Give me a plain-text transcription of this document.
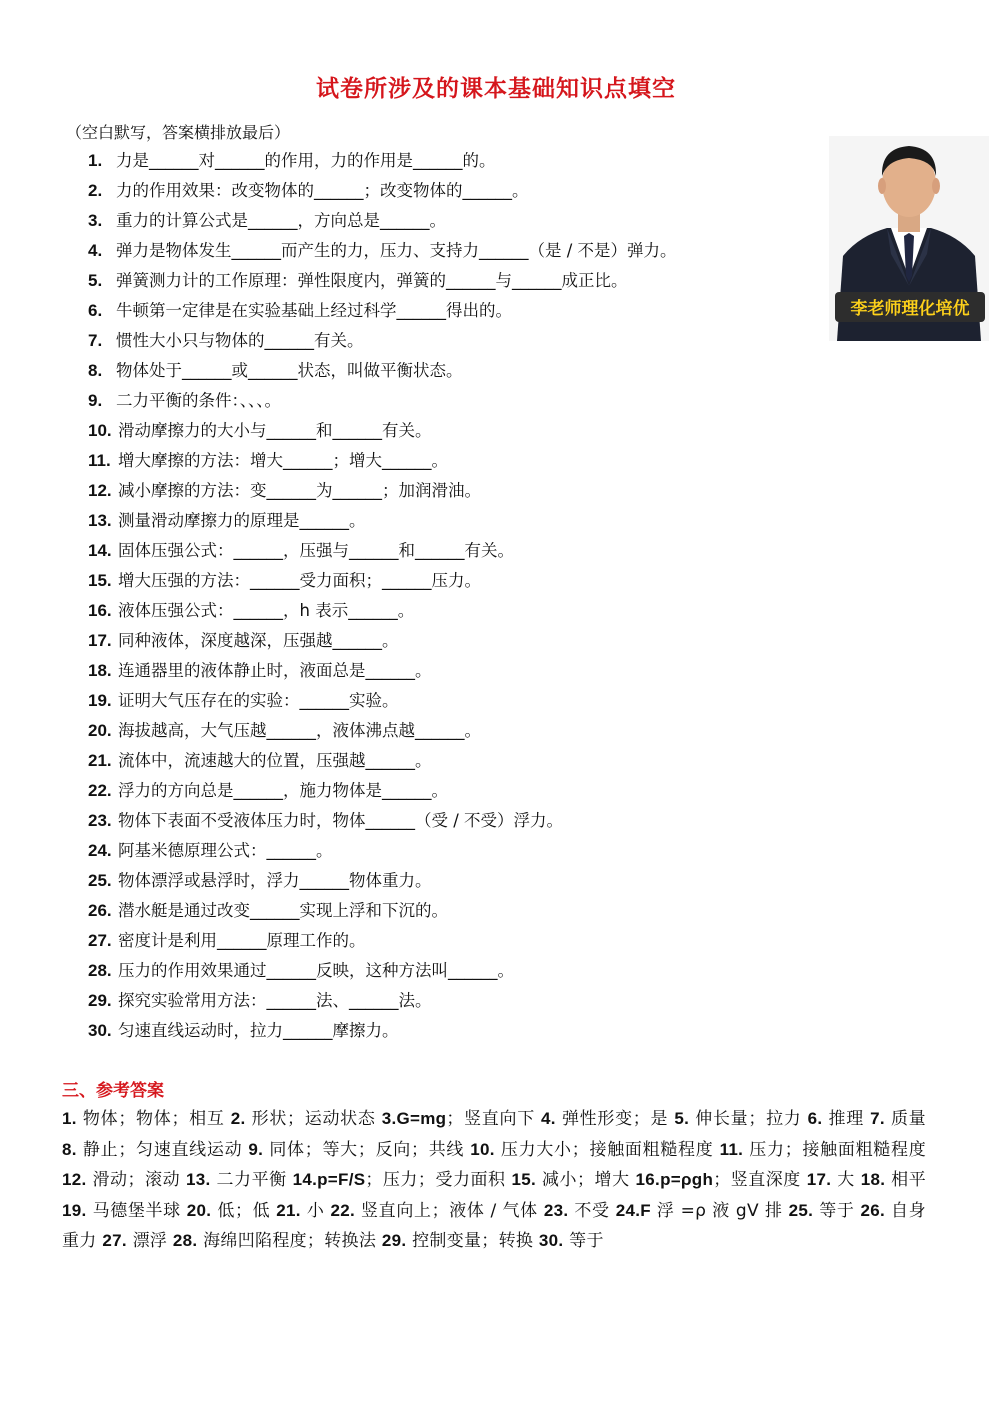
试卷所涉及的课本基础知识点填空
（空白默写，答案横排放最后）
1. 力是______对______的作用，力的作用是______的。
2. 力的作用效果：改变物体的______；改变物体的______。
3. 重力的计算公式是______，方向总是______。
4. 弹力是物体发生______而产生的力，压力、支持力______（是 / 不是）弹力。
5. 弹簧测力计的工作原理：弹性限度内，弹簧的______与______成正比。
6. 牛顿第一定律是在实验基础上经过科学______得出的。
7. 惯性大小只与物体的______有关。
8. 物体处于______或______状态，叫做平衡状态。
9. 二力平衡的条件：、、、。
10. 滑动摩擦力的大小与______和______有关。
11. 增大摩擦的方法：增大______；增大______。
12. 减小摩擦的方法：变______为______；加润滑油。
13. 测量滑动摩擦力的原理是______。
14. 固体压强公式：______，压强与______和______有关。
15. 增大压强的方法：______受力面积；______压力。
16. 液体压强公式：______，h 表示______。
17. 同种液体，深度越深，压强越______。
18. 连通器里的液体静止时，液面总是______。
19. 证明大气压存在的实验：______实验。
20. 海拔越高，大气压越______，液体沸点越______。
21. 流体中，流速越大的位置，压强越______。
22. 浮力的方向总是______，施力物体是______。
23. 物体下表面不受液体压力时，物体______（受 / 不受）浮力。
24. 阿基米德原理公式：______。
25. 物体漂浮或悬浮时，浮力______物体重力。
26. 潜水艇是通过改变______实现上浮和下沉的。
27. 密度计是利用______原理工作的。
28. 压力的作用效果通过______反映，这种方法叫______。
29. 探究实验常用方法：______法、______法。
30. 匀速直线运动时，拉力______摩擦力。
李老师理化培优
三、参考答案
1. 物体；物体；相互 2. 形状；运动状态 3.G=mg；竖直向下 4. 弹性形变；是 5. 伸长量；拉力 6. 推理 7. 质量 8. 静止；匀速直线运动 9. 同体；等大；反向；共线 10. 压力大小；接触面粗糙程度 11. 压力；接触面粗糙程度 12. 滑动；滚动 13. 二力平衡 14.p=F/S；压力；受力面积 15. 减小；增大 16.p=ρgh；竖直深度 17. 大 18. 相平 19. 马德堡半球 20. 低；低 21. 小 22. 竖直向上；液体 / 气体 23. 不受 24.F 浮 =ρ 液 gV 排 25. 等于 26. 自身重力 27. 漂浮 28. 海绵凹陷程度；转换法 29. 控制变量；转换 30. 等于
